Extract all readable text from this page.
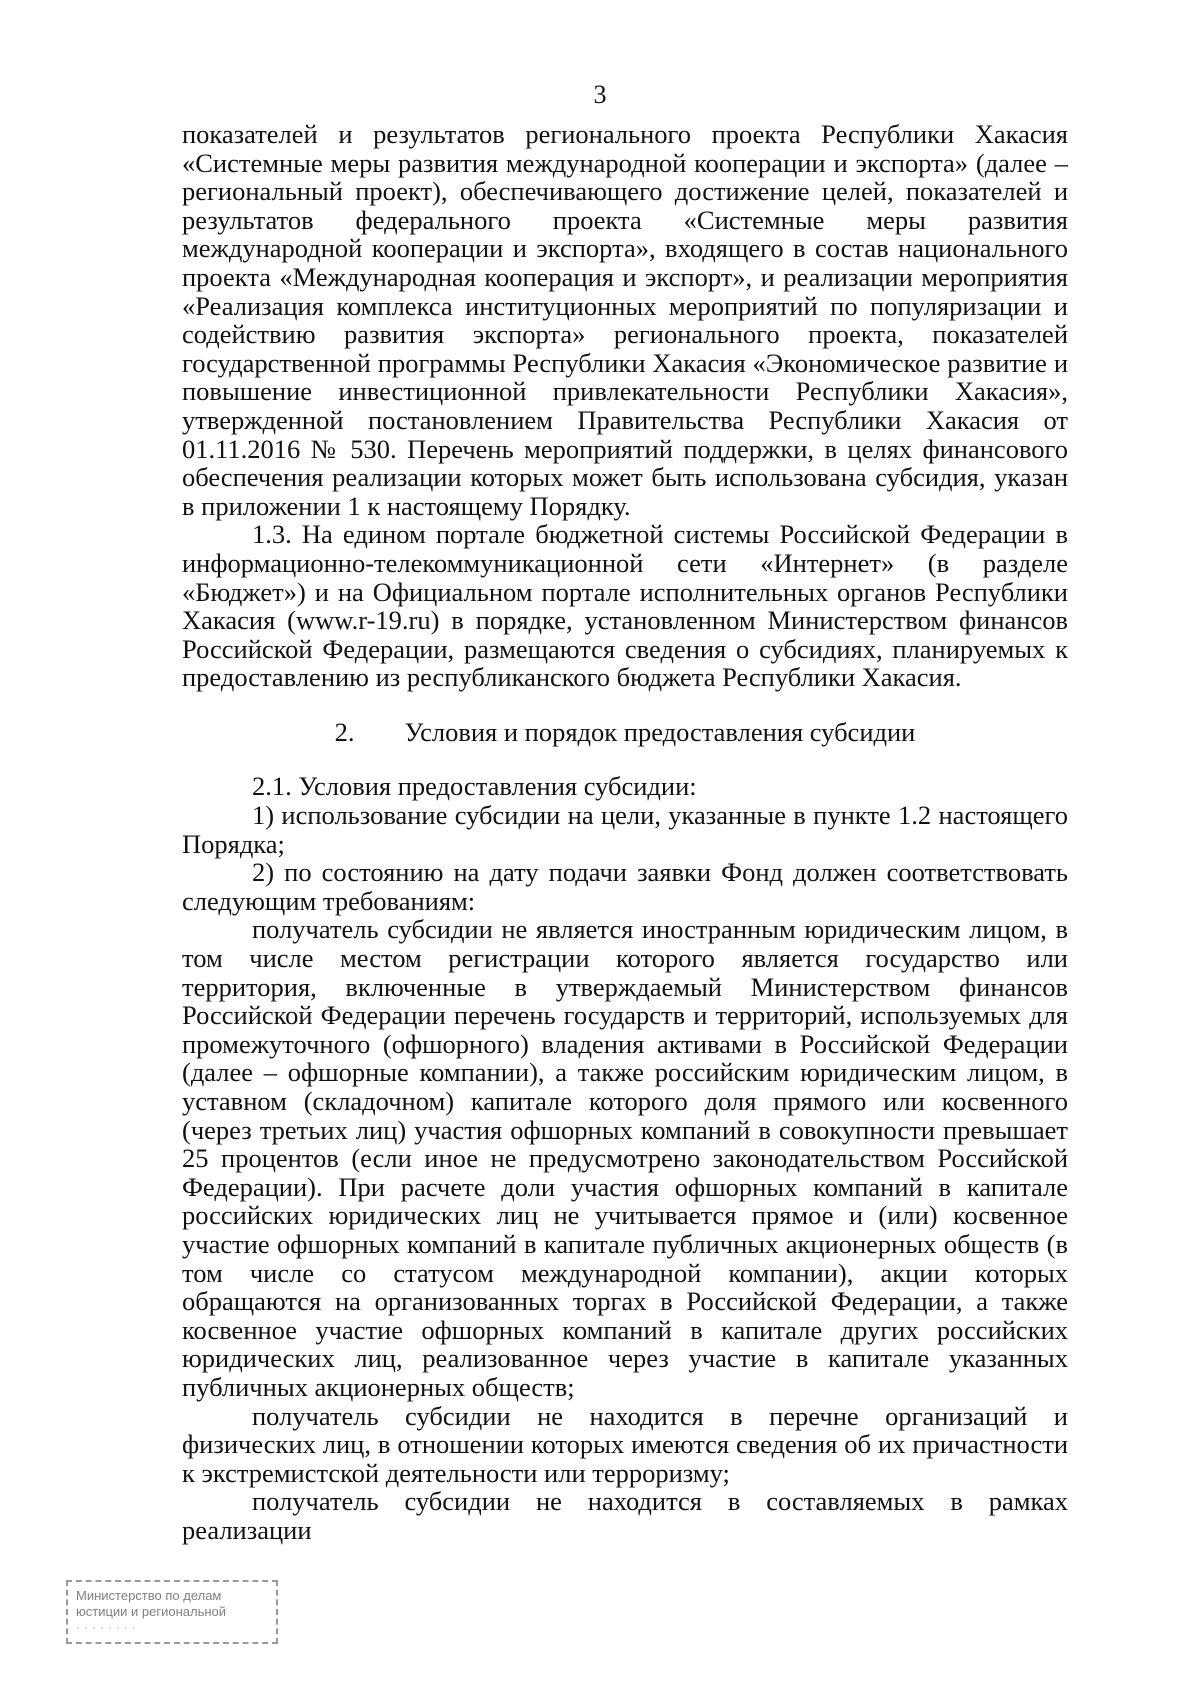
3

показателей и результатов регионального проекта Республики Хакасия «Системные меры развития международной кооперации и экспорта» (далее – региональный проект), обеспечивающего достижение целей, показателей и результатов федерального проекта «Системные меры развития международной кооперации и экспорта», входящего в состав национального проекта «Международная кооперация и экспорт», и реализации мероприятия «Реализация комплекса институционных мероприятий по популяризации и содействию развития экспорта» регионального проекта, показателей государственной программы Республики Хакасия «Экономическое развитие и повышение инвестиционной привлекательности Республики Хакасия», утвержденной постановлением Правительства Республики Хакасия от 01.11.2016 № 530. Перечень мероприятий поддержки, в целях финансового обеспечения реализации которых может быть использована субсидия, указан в приложении 1 к настоящему Порядку.

1.3. На едином портале бюджетной системы Российской Федерации в информационно-телекоммуникационной сети «Интернет» (в разделе «Бюджет») и на Официальном портале исполнительных органов Республики Хакасия (www.r-19.ru) в порядке, установленном Министерством финансов Российской Федерации, размещаются сведения о субсидиях, планируемых к предоставлению из республиканского бюджета Республики Хакасия.

2. Условия и порядок предоставления субсидии

2.1. Условия предоставления субсидии:

1) использование субсидии на цели, указанные в пункте 1.2 настоящего Порядка;

2) по состоянию на дату подачи заявки Фонд должен соответствовать следующим требованиям:

получатель субсидии не является иностранным юридическим лицом, в том числе местом регистрации которого является государство или территория, включенные в утверждаемый Министерством финансов Российской Федерации перечень государств и территорий, используемых для промежуточного (офшорного) владения активами в Российской Федерации (далее – офшорные компании), а также российским юридическим лицом, в уставном (складочном) капитале которого доля прямого или косвенного (через третьих лиц) участия офшорных компаний в совокупности превышает 25 процентов (если иное не предусмотрено законодательством Российской Федерации). При расчете доли участия офшорных компаний в капитале российских юридических лиц не учитывается прямое и (или) косвенное участие офшорных компаний в капитале публичных акционерных обществ (в том числе со статусом международной компании), акции которых обращаются на организованных торгах в Российской Федерации, а также косвенное участие офшорных компаний в капитале других российских юридических лиц, реализованное через участие в капитале указанных публичных акционерных обществ;

получатель субсидии не находится в перечне организаций и физических лиц, в отношении которых имеются сведения об их причастности к экстремистской деятельности или терроризму;

получатель субсидии не находится в составляемых в рамках реализации

Министерство по делам
юстиции и региональной
· · · · · · · ·
